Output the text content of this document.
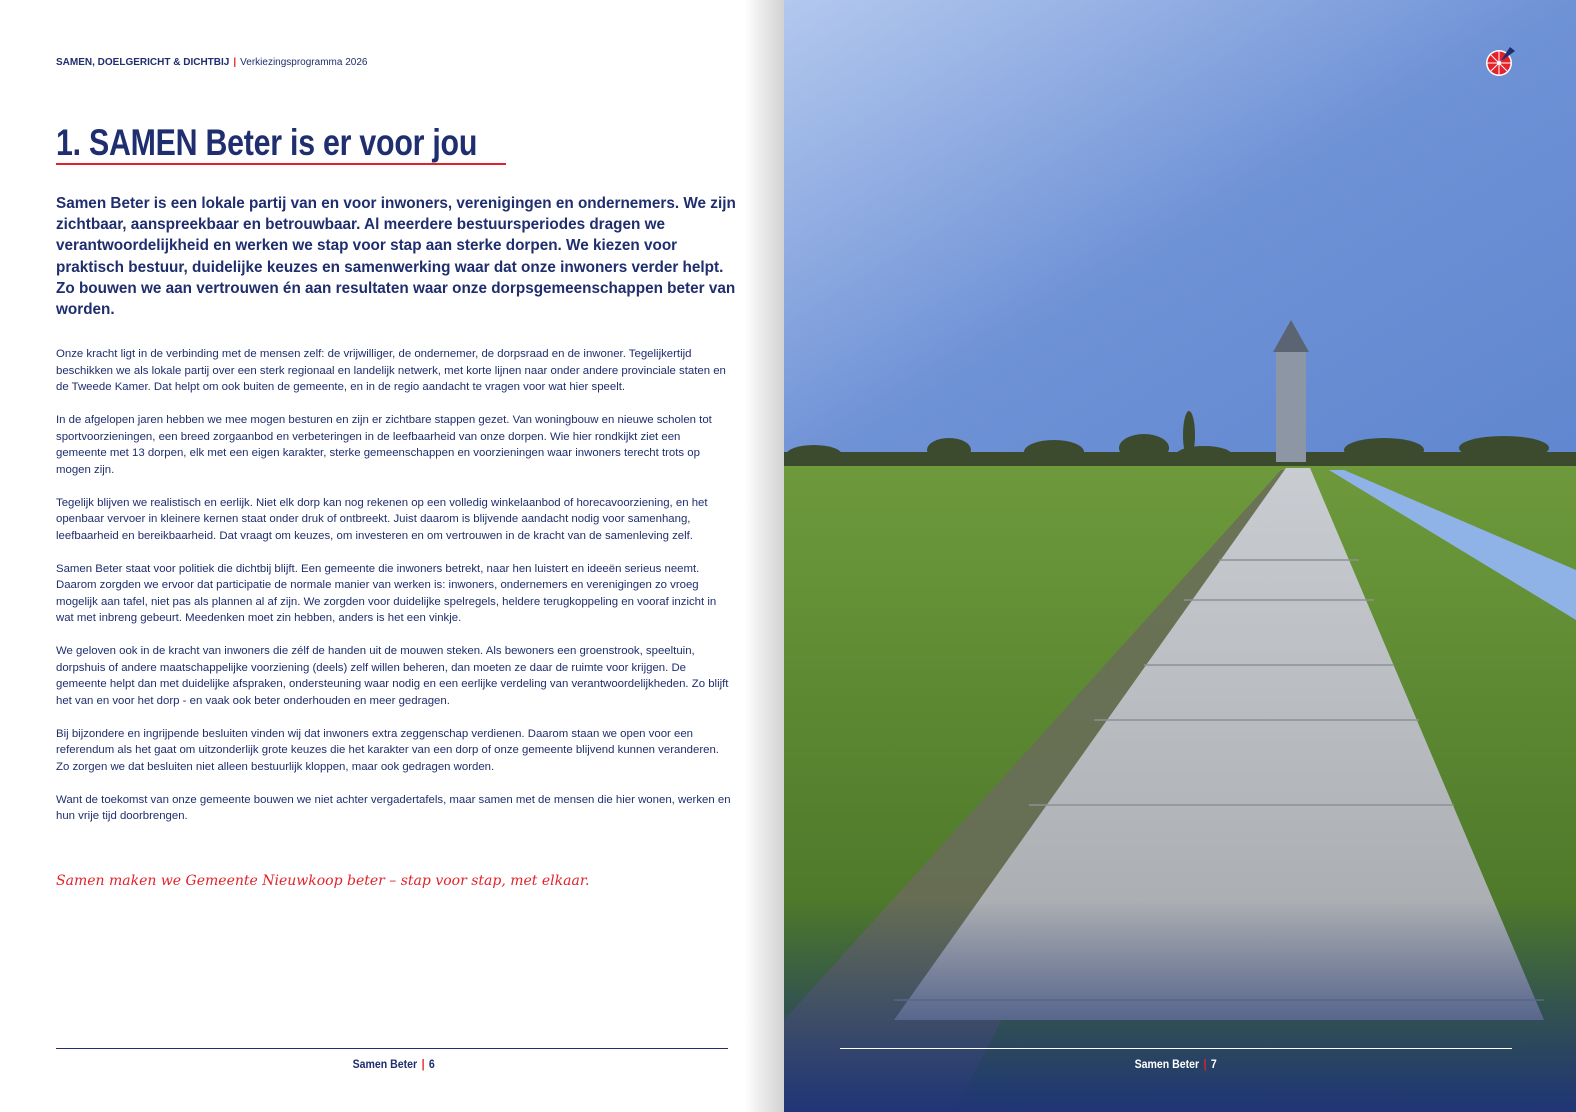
SAMEN, DOELGERICHT & DICHTBIJ | Verkiezingsprogramma 2026
1. SAMEN Beter is er voor jou
Samen Beter is een lokale partij van en voor inwoners, verenigingen en ondernemers. We zijn zichtbaar, aanspreekbaar en betrouwbaar. Al meerdere bestuursperiodes dragen we verantwoordelijkheid en werken we stap voor stap aan sterke dorpen. We kiezen voor praktisch bestuur, duidelijke keuzes en samenwerking waar dat onze inwoners verder helpt. Zo bouwen we aan vertrouwen én aan resultaten waar onze dorpsgemeenschappen beter van worden.

Onze kracht ligt in de verbinding met de mensen zelf: de vrijwilliger, de ondernemer, de dorpsraad en de inwoner. Tegelijkertijd beschikken we als lokale partij over een sterk regionaal en landelijk netwerk, met korte lijnen naar onder andere provinciale staten en de Tweede Kamer. Dat helpt om ook buiten de gemeente, en in de regio aandacht te vragen voor wat hier speelt.

In de afgelopen jaren hebben we mee mogen besturen en zijn er zichtbare stappen gezet. Van woningbouw en nieuwe scholen tot sportvoorzieningen, een breed zorgaanbod en verbeteringen in de leefbaarheid van onze dorpen. Wie hier rondkijkt ziet een gemeente met 13 dorpen, elk met een eigen karakter, sterke gemeenschappen en voorzieningen waar inwoners terecht trots op mogen zijn.

Tegelijk blijven we realistisch en eerlijk. Niet elk dorp kan nog rekenen op een volledig winkelaanbod of horecavoorziening, en het openbaar vervoer in kleinere kernen staat onder druk of ontbreekt. Juist daarom is blijvende aandacht nodig voor samenhang, leefbaarheid en bereikbaarheid. Dat vraagt om keuzes, om investeren en om vertrouwen in de kracht van de samenleving zelf.

Samen Beter staat voor politiek die dichtbij blijft. Een gemeente die inwoners betrekt, naar hen luistert en ideeën serieus neemt. Daarom zorgden we ervoor dat participatie de normale manier van werken is: inwoners, ondernemers en verenigingen zo vroeg mogelijk aan tafel, niet pas als plannen al af zijn. We zorgden voor duidelijke spelregels, heldere terugkoppeling en vooraf inzicht in wat met inbreng gebeurt. Meedenken moet zin hebben, anders is het een vinkje.

We geloven ook in de kracht van inwoners die zélf de handen uit de mouwen steken. Als bewoners een groenstrook, speeltuin, dorpshuis of andere maatschappelijke voorziening (deels) zelf willen beheren, dan moeten ze daar de ruimte voor krijgen. De gemeente helpt dan met duidelijke afspraken, ondersteuning waar nodig en een eerlijke verdeling van verantwoordelijkheden. Zo blijft het van en voor het dorp - en vaak ook beter onderhouden en meer gedragen.

Bij bijzondere en ingrijpende besluiten vinden wij dat inwoners extra zeggenschap verdienen. Daarom staan we open voor een referendum als het gaat om uitzonderlijk grote keuzes die het karakter van een dorp of onze gemeente blijvend kunnen veranderen. Zo zorgen we dat besluiten niet alleen bestuurlijk kloppen, maar ook gedragen worden.

Want de toekomst van onze gemeente bouwen we niet achter vergadertafels, maar samen met de mensen die hier wonen, werken en hun vrije tijd doorbrengen.

Samen maken we Gemeente Nieuwkoop beter – stap voor stap, met elkaar.
Samen Beter | 6	Samen Beter | 7
